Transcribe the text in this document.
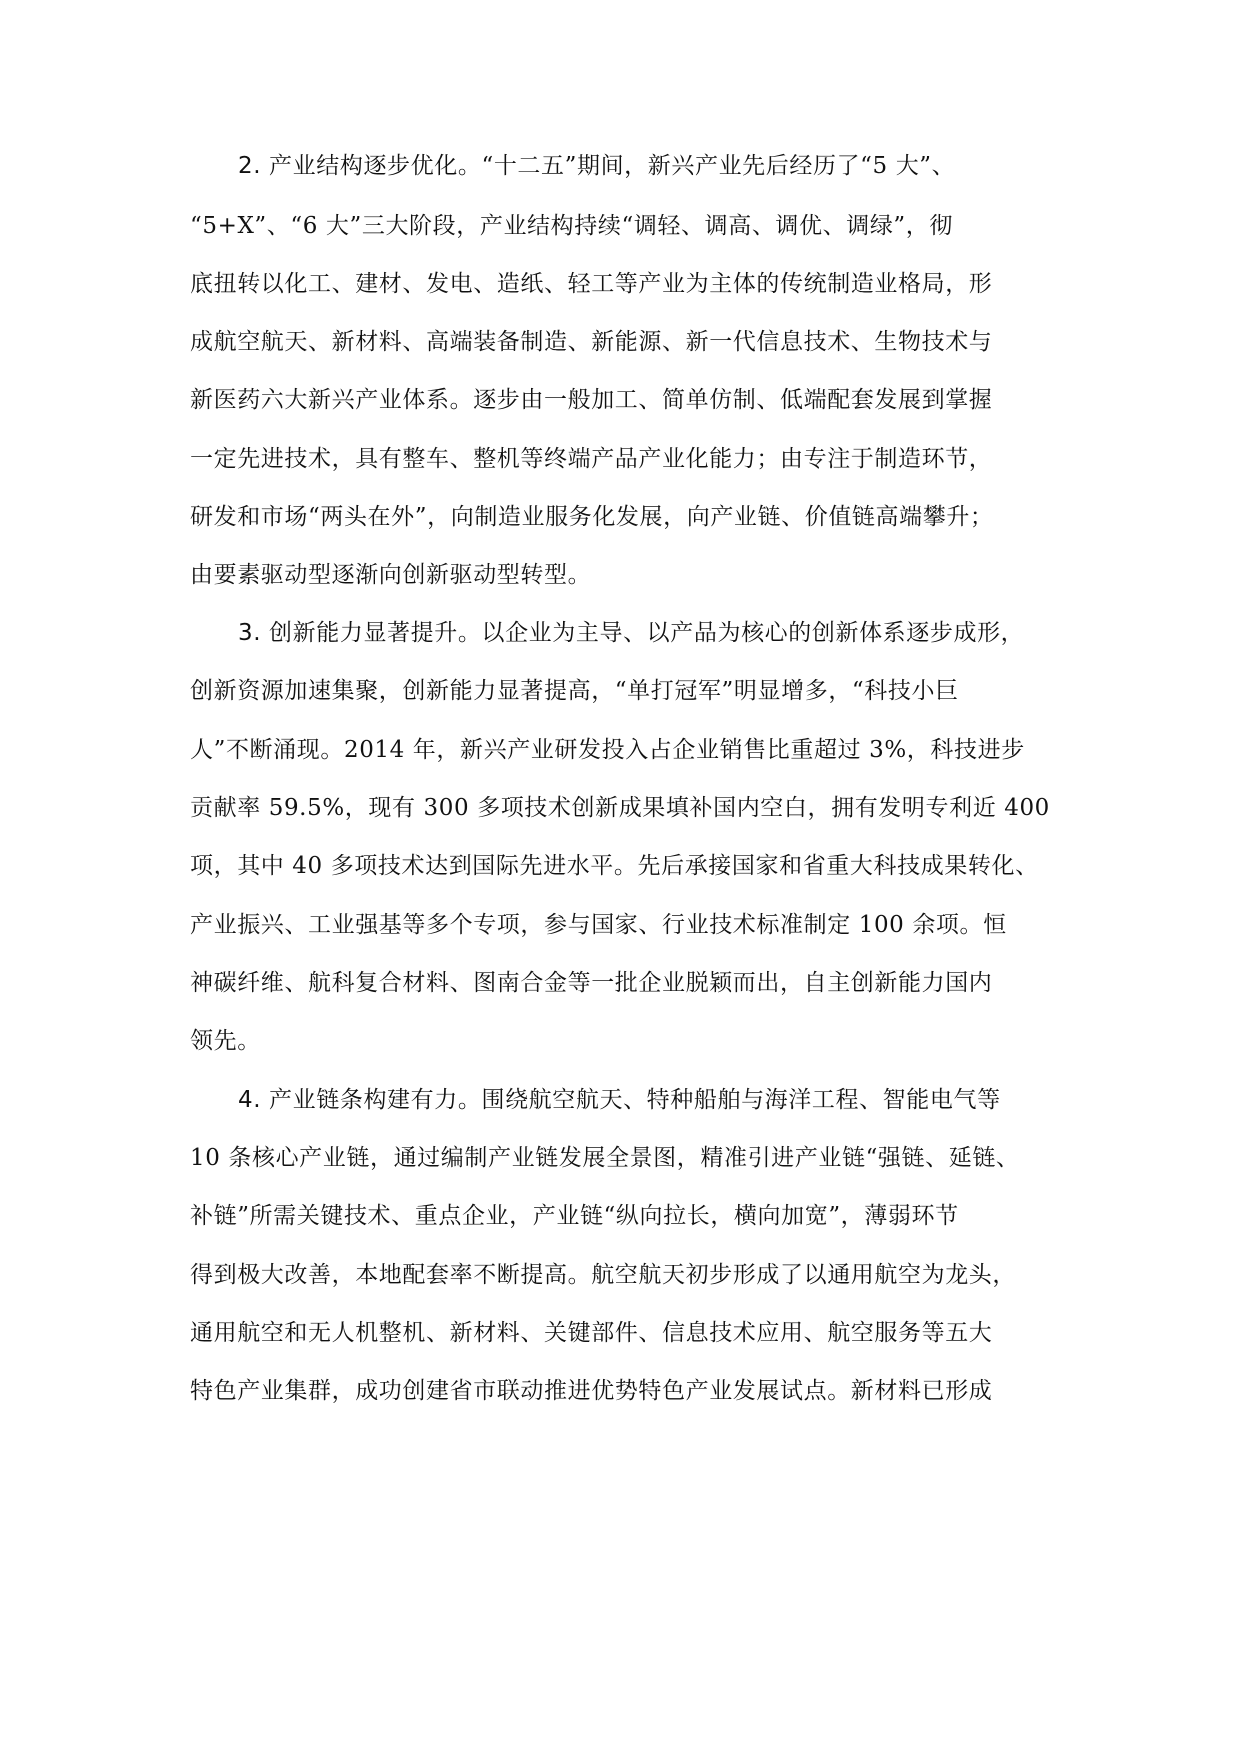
2. 产业结构逐步优化。“十二五”期间，新兴产业先后经历了“5 大”、
“5+X”、“6 大”三大阶段，产业结构持续“调轻、调高、调优、调绿”，彻
底扭转以化工、建材、发电、造纸、轻工等产业为主体的传统制造业格局，形
成航空航天、新材料、高端装备制造、新能源、新一代信息技术、生物技术与
新医药六大新兴产业体系。逐步由一般加工、简单仿制、低端配套发展到掌握
一定先进技术，具有整车、整机等终端产品产业化能力；由专注于制造环节，
研发和市场“两头在外”，向制造业服务化发展，向产业链、价值链高端攀升；
由要素驱动型逐渐向创新驱动型转型。
3. 创新能力显著提升。以企业为主导、以产品为核心的创新体系逐步成形，
创新资源加速集聚，创新能力显著提高，“单打冠军”明显增多，“科技小巨
人”不断涌现。2014 年，新兴产业研发投入占企业销售比重超过 3%，科技进步
贡献率 59.5%，现有 300 多项技术创新成果填补国内空白，拥有发明专利近 400
项，其中 40 多项技术达到国际先进水平。先后承接国家和省重大科技成果转化、
产业振兴、工业强基等多个专项，参与国家、行业技术标准制定 100 余项。恒
神碳纤维、航科复合材料、图南合金等一批企业脱颖而出，自主创新能力国内
领先。
4. 产业链条构建有力。围绕航空航天、特种船舶与海洋工程、智能电气等
10 条核心产业链，通过编制产业链发展全景图，精准引进产业链“强链、延链、
补链”所需关键技术、重点企业，产业链“纵向拉长，横向加宽”，薄弱环节
得到极大改善，本地配套率不断提高。航空航天初步形成了以通用航空为龙头，
通用航空和无人机整机、新材料、关键部件、信息技术应用、航空服务等五大
特色产业集群，成功创建省市联动推进优势特色产业发展试点。新材料已形成
